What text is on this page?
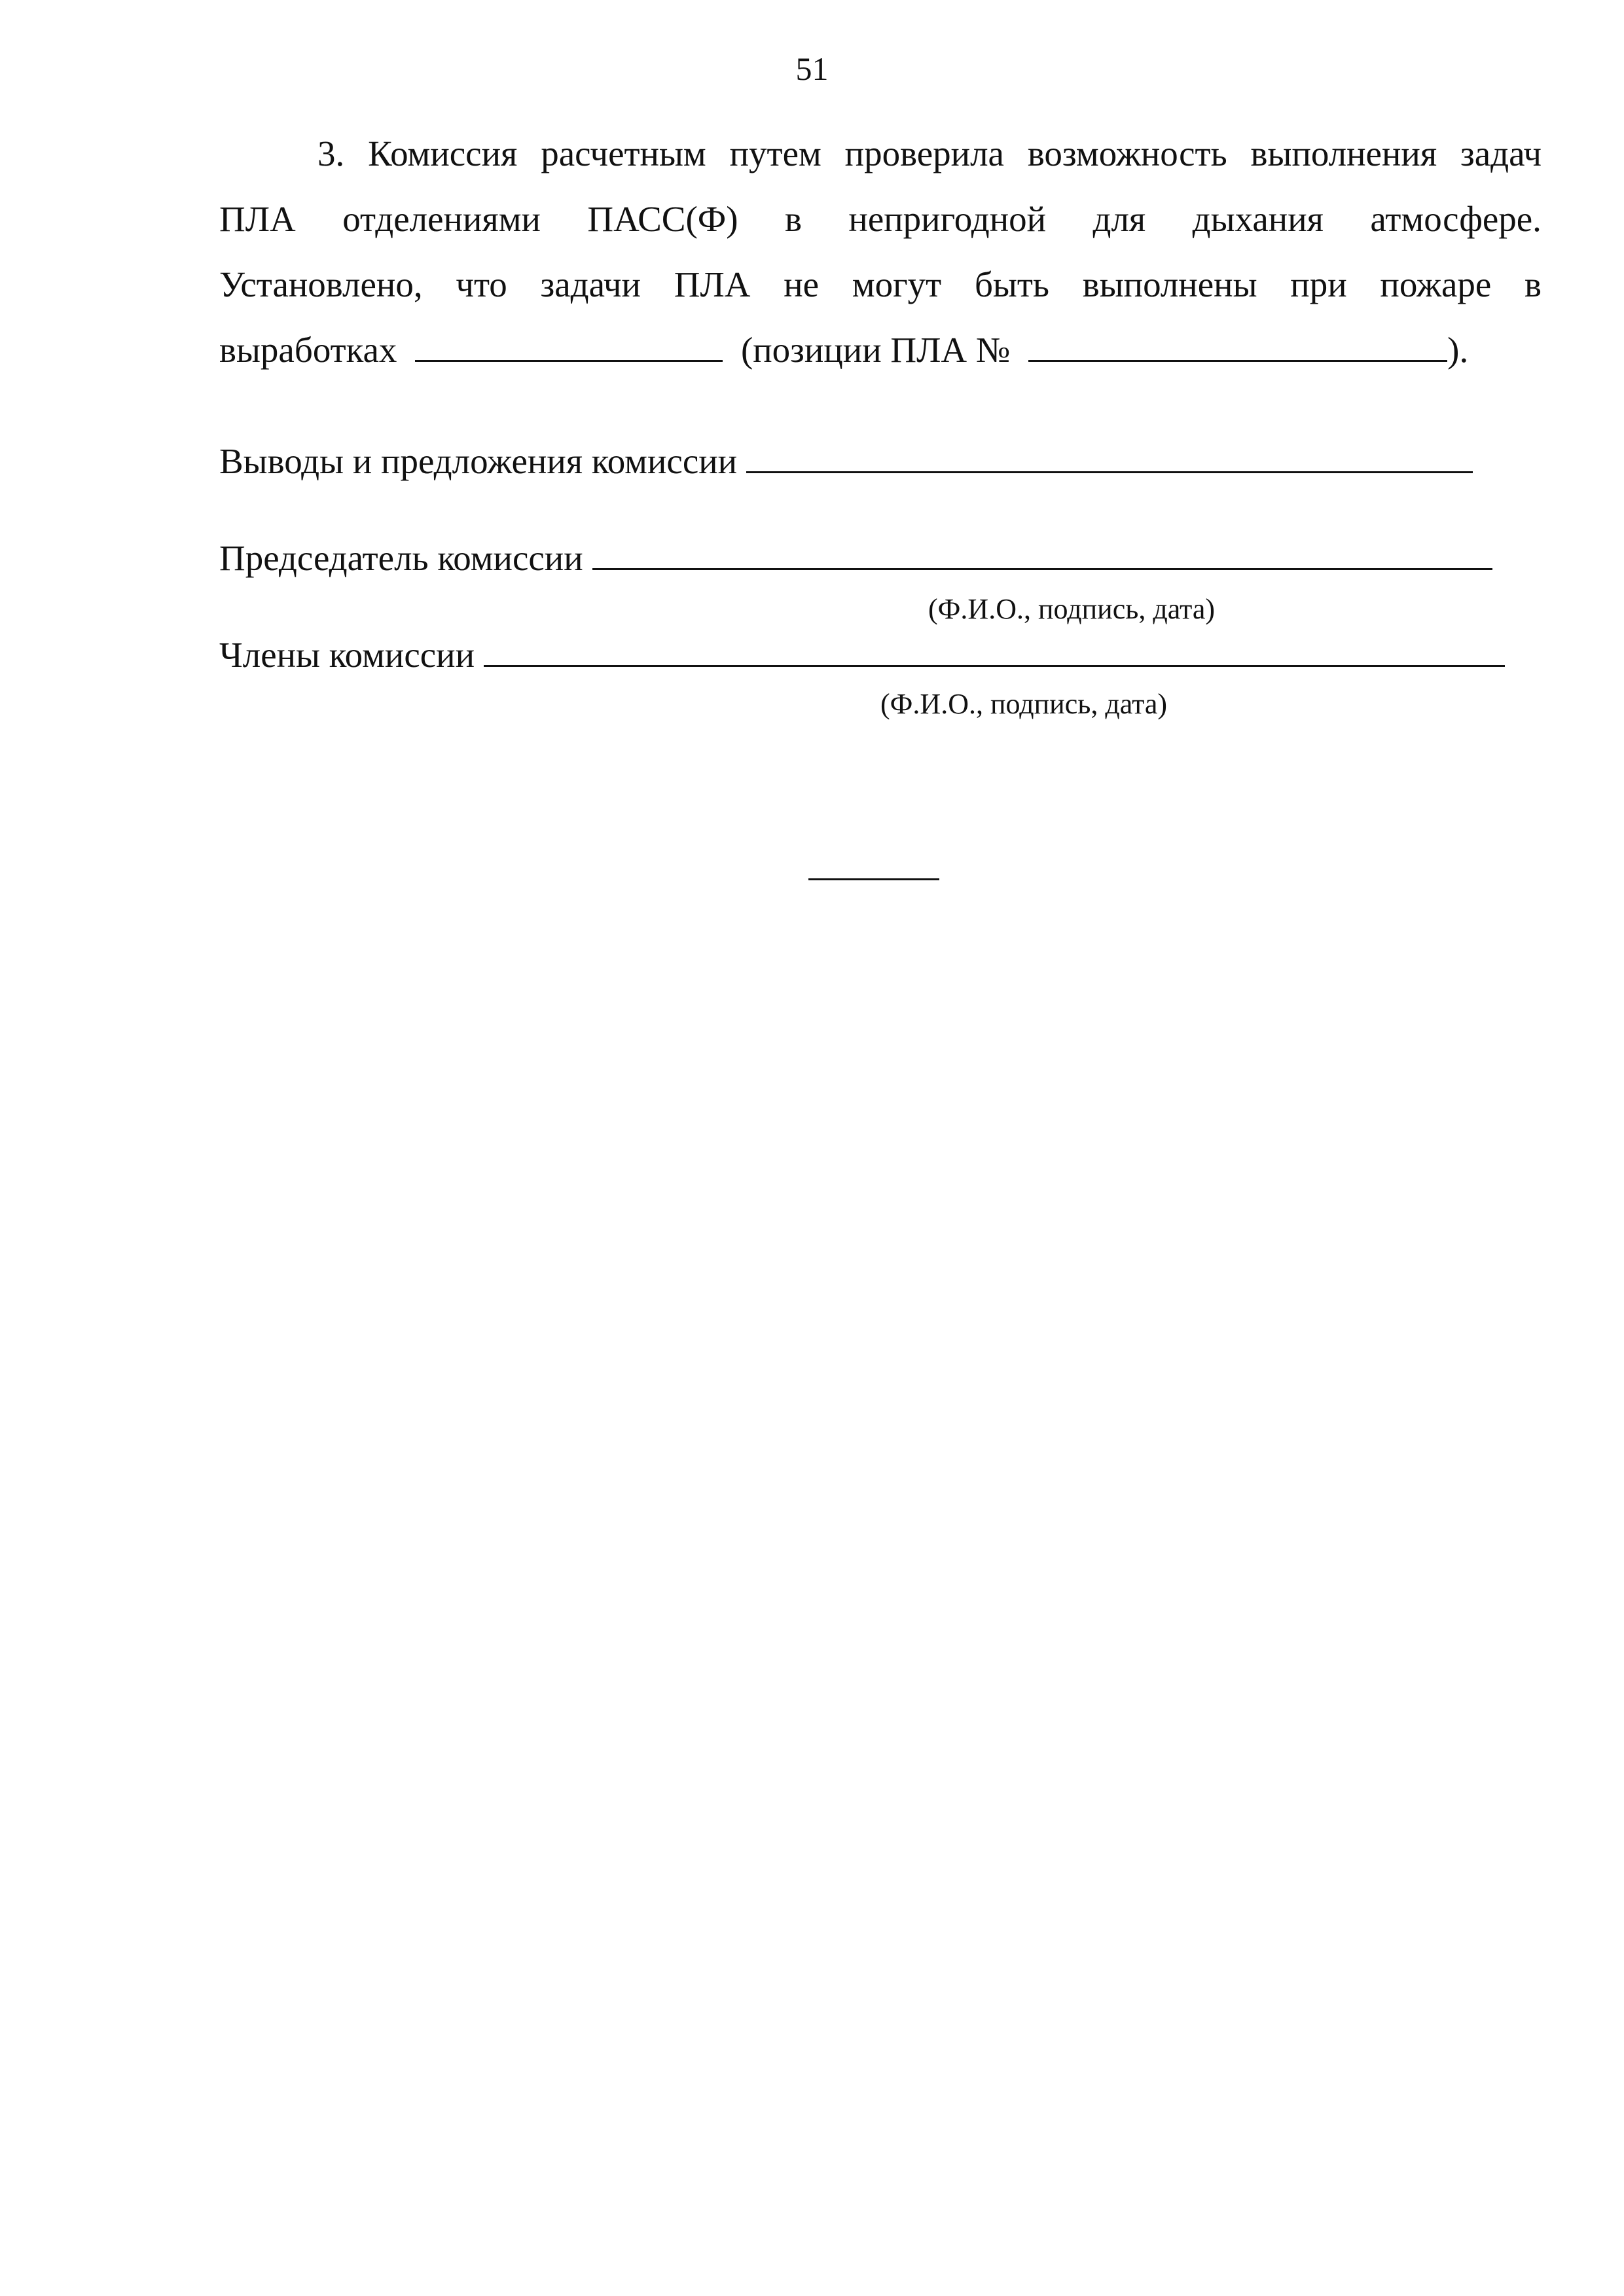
51
3. Комиссия расчетным путем проверила возможность выполнения задач
ПЛА отделениями ПАСС(Ф) в непригодной для дыхания атмосфере.
Установлено, что задачи ПЛА не могут быть выполнены при пожаре в
выработках	(позиции ПЛА №	).
Выводы и предложения комиссии
Председатель комиссии
(Ф.И.О., подпись, дата)
Члены комиссии
(Ф.И.О., подпись, дата)
